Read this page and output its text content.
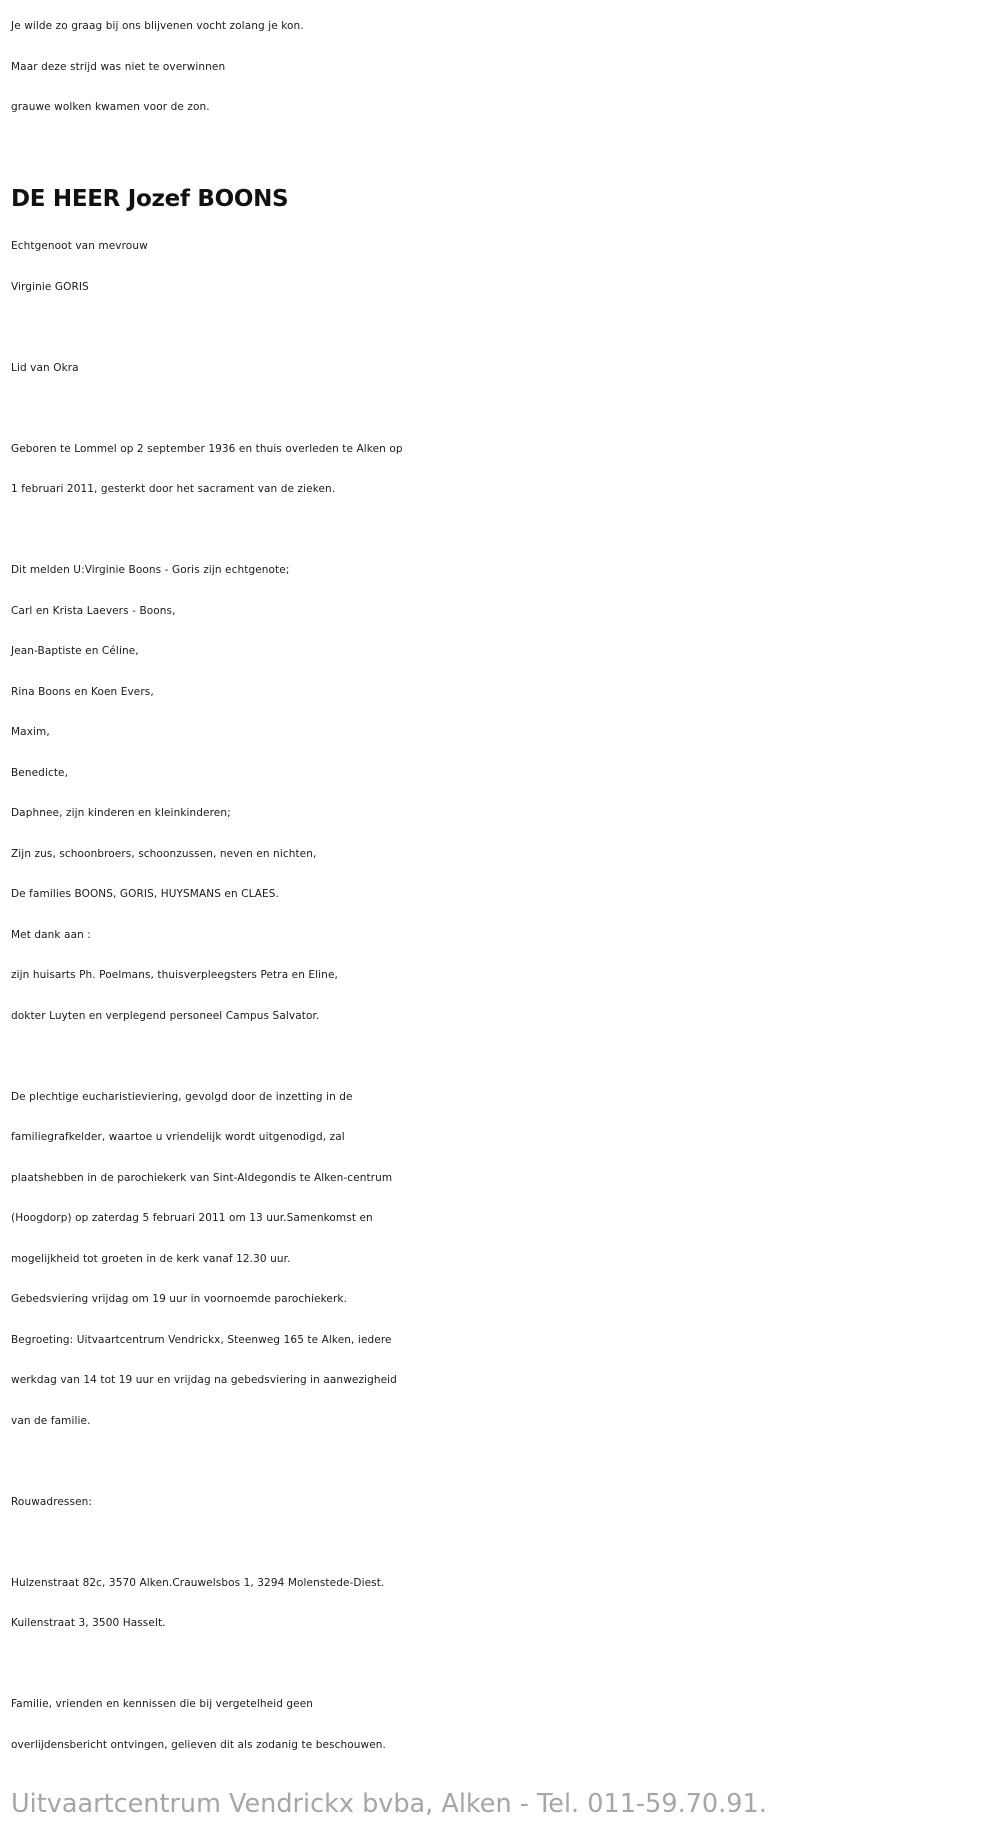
Je wilde zo graag bij ons blijvenen vocht zolang je kon.
Maar deze strijd was niet te overwinnen
grauwe wolken kwamen voor de zon.
DE HEER Jozef BOONS
Echtgenoot van mevrouw
Virginie GORIS
Lid van Okra
Geboren te Lommel op 2 september 1936 en thuis overleden te Alken op
1 februari 2011, gesterkt door het sacrament van de zieken.
Dit melden U:Virginie Boons - Goris zijn echtgenote;
Carl en Krista Laevers - Boons,
Jean-Baptiste en Céline,
Rina Boons en Koen Evers,
Maxim,
Benedicte,
Daphnee, zijn kinderen en kleinkinderen;
Zijn zus, schoonbroers, schoonzussen, neven en nichten,
De families BOONS, GORIS, HUYSMANS en CLAES.
Met dank aan :
zijn huisarts Ph. Poelmans, thuisverpleegsters Petra en Eline,
dokter Luyten en verplegend personeel Campus Salvator.
De plechtige eucharistieviering, gevolgd door de inzetting in de
familiegrafkelder, waartoe u vriendelijk wordt uitgenodigd, zal
plaatshebben in de parochiekerk van Sint-Aldegondis te Alken-centrum
(Hoogdorp) op zaterdag 5 februari 2011 om 13 uur.Samenkomst en
mogelijkheid tot groeten in de kerk vanaf 12.30 uur.
Gebedsviering vrijdag om 19 uur in voornoemde parochiekerk.
Begroeting: Uitvaartcentrum Vendrickx, Steenweg 165 te Alken, iedere
werkdag van 14 tot 19 uur en vrijdag na gebedsviering in aanwezigheid
van de familie.
Rouwadressen:
Hulzenstraat 82c, 3570 Alken.Crauwelsbos 1, 3294 Molenstede-Diest.
Kuilenstraat 3, 3500 Hasselt.
Familie, vrienden en kennissen die bij vergetelheid geen
overlijdensbericht ontvingen, gelieven dit als zodanig te beschouwen.
Uitvaartcentrum Vendrickx bvba, Alken - Tel. 011-59.70.91.
